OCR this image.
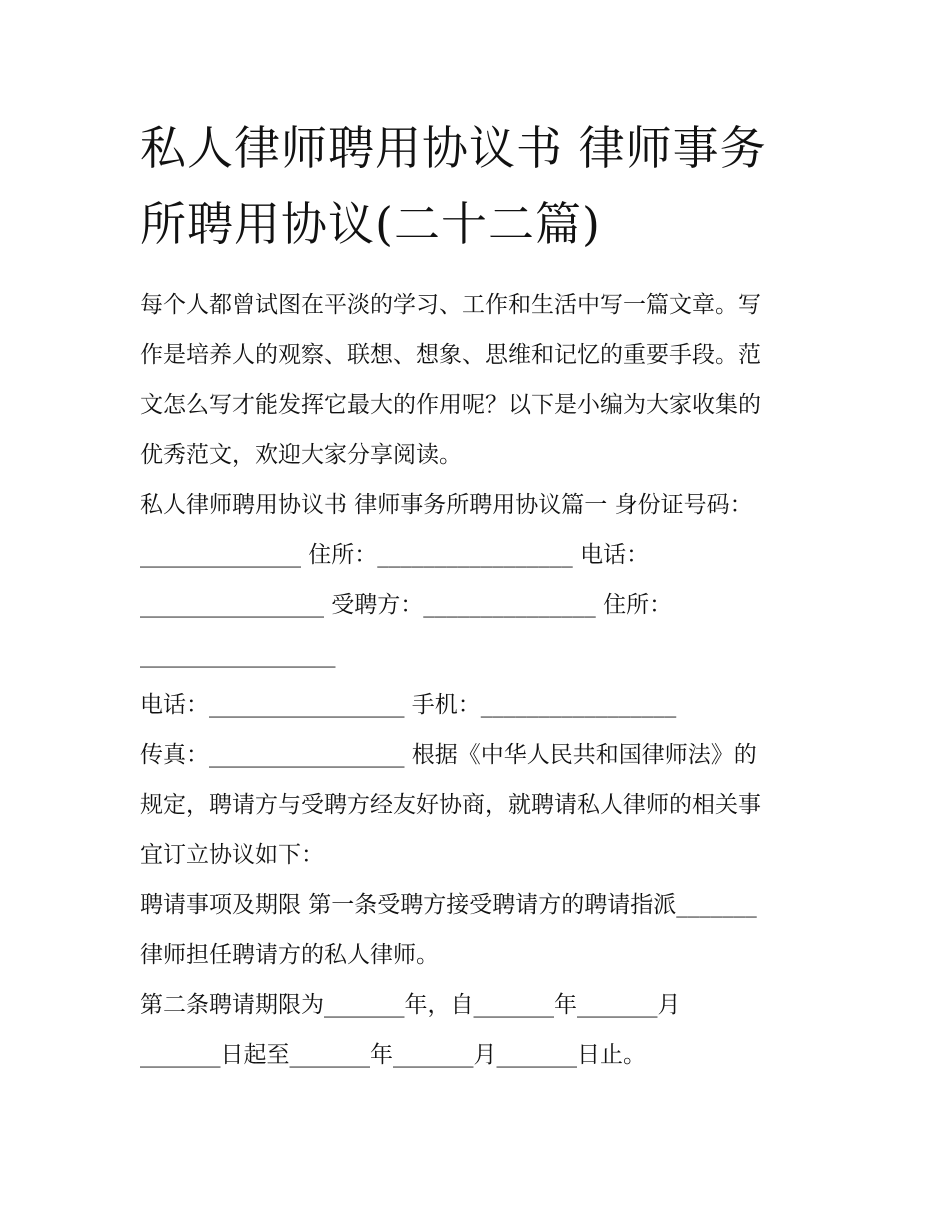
私人律师聘用协议书 律师事务
所聘用协议(二十二篇)

每个人都曾试图在平淡的学习、工作和生活中写一篇文章。写

作是培养人的观察、联想、想象、思维和记忆的重要手段。范

文怎么写才能发挥它最大的作用呢？以下是小编为大家收集的

优秀范文，欢迎大家分享阅读。

私人律师聘用协议书 律师事务所聘用协议篇一 身份证号码：

______________ 住所：_________________ 电话：

________________ 受聘方：_______________ 住所：

_________________

电话：_________________ 手机：_________________

传真：_________________ 根据《中华人民共和国律师法》的

规定，聘请方与受聘方经友好协商，就聘请私人律师的相关事

宜订立协议如下：

聘请事项及期限 第一条受聘方接受聘请方的聘请指派_______

律师担任聘请方的私人律师。

第二条聘请期限为_______年，自_______年_______月

_______日起至_______年_______月_______日止。
